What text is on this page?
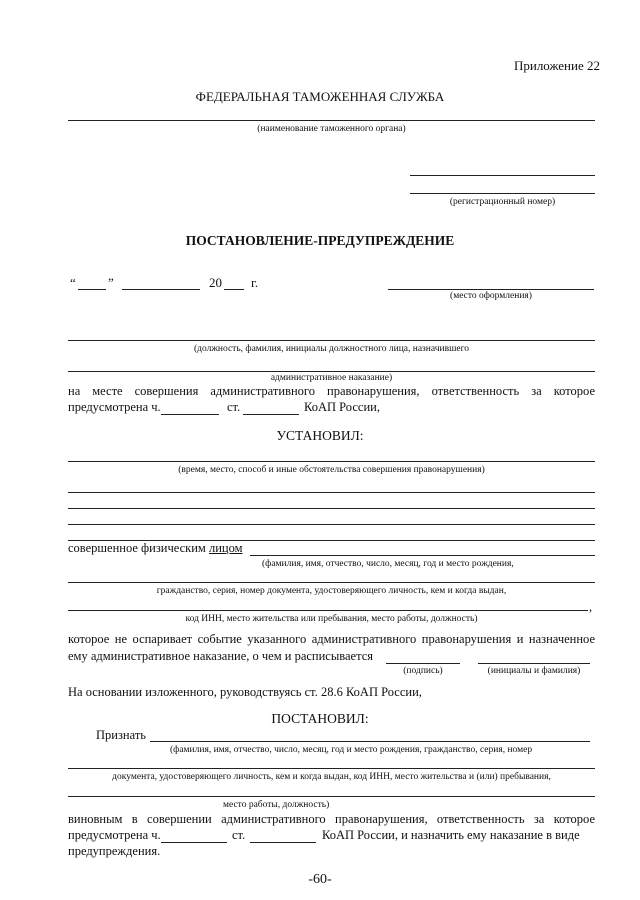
Приложение 22
ФЕДЕРАЛЬНАЯ ТАМОЖЕННАЯ СЛУЖБА
(наименование таможенного органа)
(регистрационный номер)
ПОСТАНОВЛЕНИЕ-ПРЕДУПРЕЖДЕНИЕ
“ ”	20 г.
(место оформления)
(должность, фамилия, инициалы должностного лица, назначившего
административное наказание)
на месте совершения административного правонарушения, ответственность за которое
предусмотрена ч.	ст.	КоАП России,
УСТАНОВИЛ:
(время, место, способ и иные обстоятельства совершения правонарушения)
совершенное физическим лицом
(фамилия, имя, отчество, число, месяц, год и место рождения,
гражданство, серия, номер документа, удостоверяющего личность, кем и когда выдан,
,
код ИНН, место жительства или пребывания, место работы, должность)
которое не оспаривает событие указанного административного правонарушения и назначенное
ему административное наказание, о чем и расписывается
(подпись)	(инициалы и фамилия)
На основании изложенного, руководствуясь ст. 28.6 КоАП России,
ПОСТАНОВИЛ:
Признать
(фамилия, имя, отчество, число, месяц, год и место рождения, гражданство, серия, номер
документа, удостоверяющего личность, кем и когда выдан, код ИНН, место жительства и (или) пребывания,
место работы, должность)
виновным в совершении административного правонарушения, ответственность за которое
предусмотрена ч.	ст.	КоАП России, и назначить ему наказание в виде
предупреждения.
-60-
